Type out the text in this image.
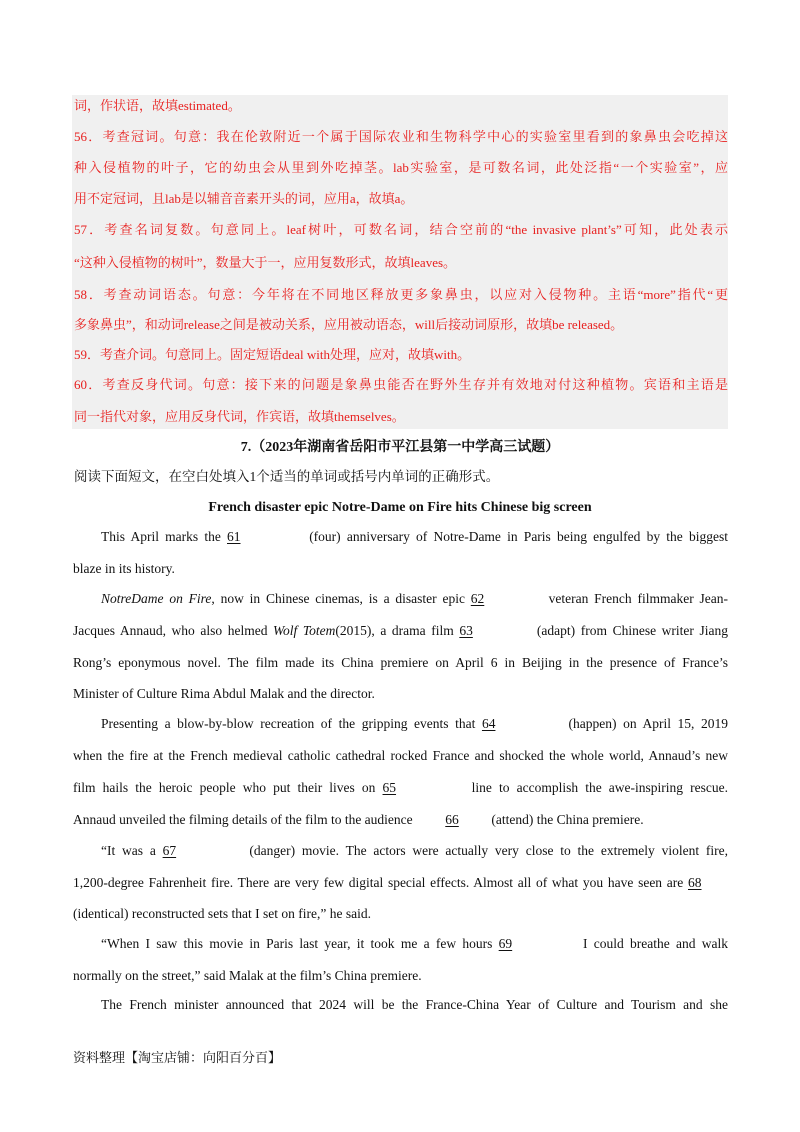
词，作状语，故填estimated。
56．考查冠词。句意：我在伦敦附近一个属于国际农业和生物科学中心的实验室里看到的象鼻虫会吃掉这
种入侵植物的叶子，它的幼虫会从里到外吃掉茎。lab实验室，是可数名词，此处泛指“一个实验室”，应
用不定冠词，且lab是以辅音音素开头的词，应用a，故填a。
57．考查名词复数。句意同上。leaf树叶，可数名词，结合空前的“the invasive plant’s”可知，此处表示
“这种入侵植物的树叶”，数量大于一，应用复数形式，故填leaves。
58．考查动词语态。句意：今年将在不同地区释放更多象鼻虫，以应对入侵物种。主语“more”指代“更
多象鼻虫”，和动词release之间是被动关系，应用被动语态，will后接动词原形，故填be released。
59．考查介词。句意同上。固定短语deal with处理，应对，故填with。
60．考查反身代词。句意：接下来的问题是象鼻虫能否在野外生存并有效地对付这种植物。宾语和主语是
同一指代对象，应用反身代词，作宾语，故填themselves。
7.（2023年湖南省岳阳市平江县第一中学高三试题）
阅读下面短文，在空白处填入1个适当的单词或括号内单词的正确形式。
French disaster epic Notre-Dame on Fire hits Chinese big screen
This April marks the 61	(four) anniversary of Notre-Dame in Paris being engulfed by the biggest
blaze in its history.
NotreDame on Fire, now in Chinese cinemas, is a disaster epic 62	veteran French filmmaker Jean-
Jacques Annaud, who also helmed Wolf Totem(2015), a drama film 63	(adapt) from Chinese writer Jiang
Rong’s eponymous novel. The film made its China premiere on April 6 in Beijing in the presence of France’s
Minister of Culture Rima Abdul Malak and the director.
Presenting a blow-by-blow recreation of the gripping events that 64	(happen) on April 15, 2019
when the fire at the French medieval catholic cathedral rocked France and shocked the whole world, Annaud’s new
film hails the heroic people who put their lives on 65	line to accomplish the awe-inspiring rescue.
Annaud unveiled the filming details of the film to the audience 66 (attend) the China premiere.
“It was a 67	(danger) movie. The actors were actually very close to the extremely violent fire,
1,200-degree Fahrenheit fire. There are very few digital special effects. Almost all of what you have seen are 68
(identical) reconstructed sets that I set on fire,” he said.
“When I saw this movie in Paris last year, it took me a few hours 69	I could breathe and walk
normally on the street,” said Malak at the film’s China premiere.
The French minister announced that 2024 will be the France-China Year of Culture and Tourism and she
资料整理【淘宝店铺：向阳百分百】
